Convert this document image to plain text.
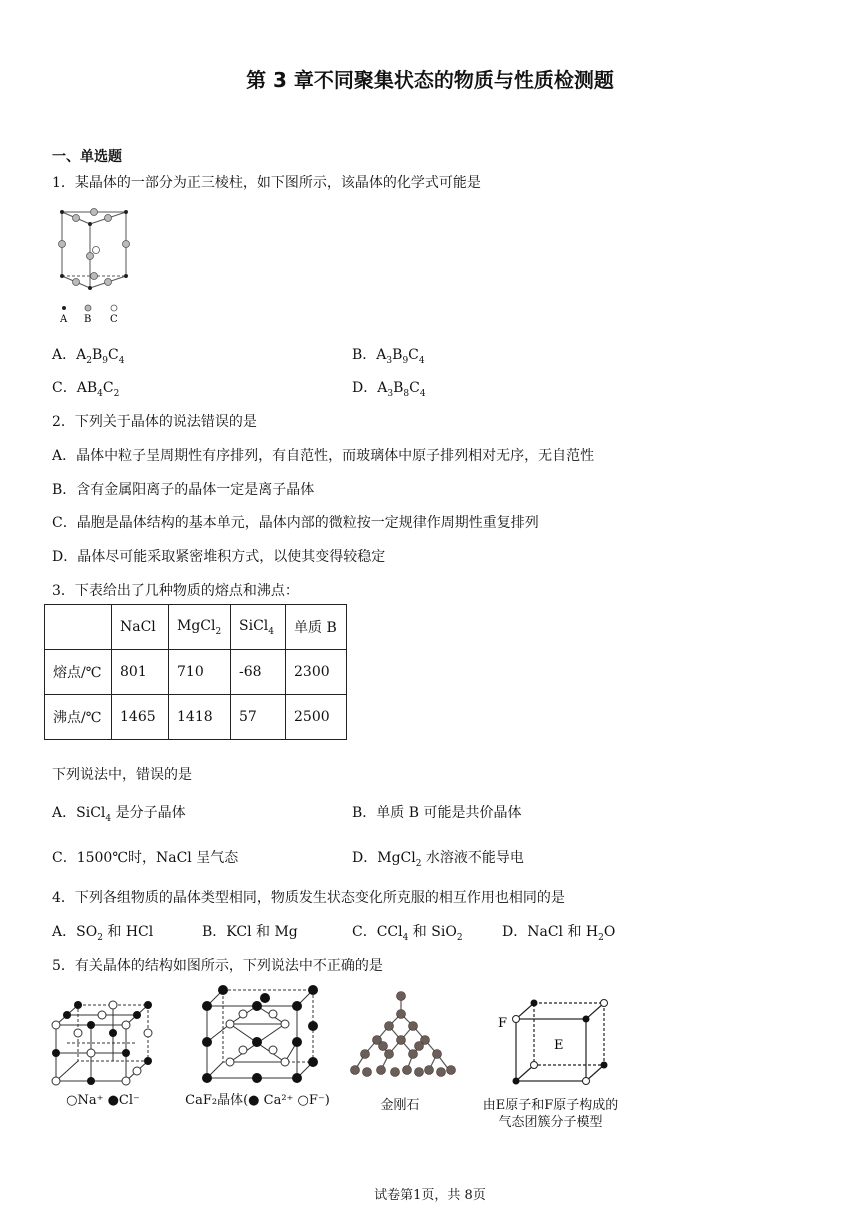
第 3 章不同聚集状态的物质与性质检测题
一、单选题
1．某晶体的一部分为正三棱柱，如下图所示，该晶体的化学式可能是
A B C
A．$A_2B_9C_4$	B．$A_3B_9C_4$
C．$AB_4C_2$	D．$A_3B_8C_4$
2．下列关于晶体的说法错误的是
A．晶体中粒子呈周期性有序排列，有自范性，而玻璃体中原子排列相对无序，无自范性
B．含有金属阳离子的晶体一定是离子晶体
C．晶胞是晶体结构的基本单元，晶体内部的微粒按一定规律作周期性重复排列
D．晶体尽可能采取紧密堆积方式，以使其变得较稳定
3．下表给出了几种物质的熔点和沸点：
	NaCl	MgCl$_2$	SiCl$_4$	单质 B
熔点/℃	801	710	-68	2300
沸点/℃	1465	1418	57	2500
下列说法中，错误的是
A．SiCl$_4$ 是分子晶体	B．单质 B 可能是共价晶体
C．1500℃时，NaCl 呈气态	D．MgCl$_2$ 水溶液不能导电
4．下列各组物质的晶体类型相同，物质发生状态变化所克服的相互作用也相同的是
A．$SO_2$ 和 HCl	B．KCl 和 Mg	C．CCl$_4$ 和 SiO$_2$	D．NaCl 和 $H_2O$
5．有关晶体的结构如图所示，下列说法中不正确的是
○Na⁺ ●Cl⁻	CaF₂晶体(● Ca²⁺ ○F⁻)	金刚石
F
E
由E原子和F原子构成的气态团簇分子模型
试卷第1页，共 8页
